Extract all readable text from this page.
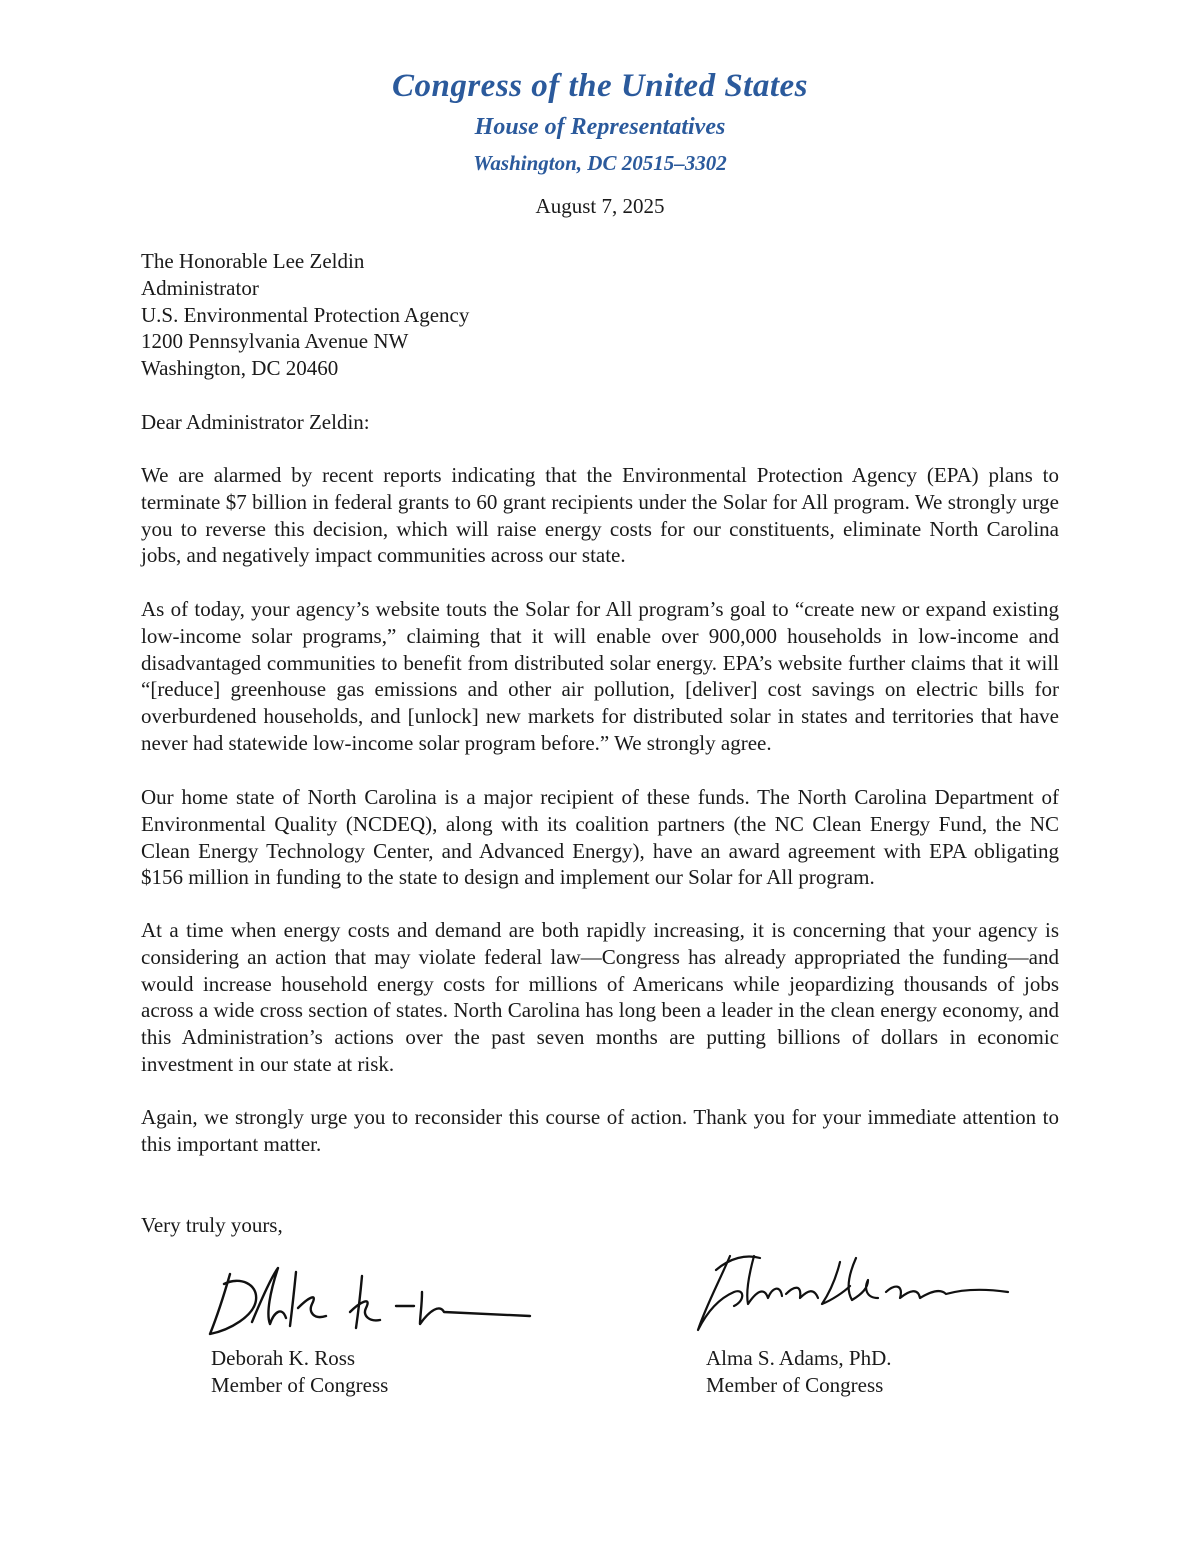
Congress of the United States
House of Representatives
Washington, DC 20515–3302
August 7, 2025
The Honorable Lee Zeldin
Administrator
U.S. Environmental Protection Agency
1200 Pennsylvania Avenue NW
Washington, DC 20460
Dear Administrator Zeldin:

We are alarmed by recent reports indicating that the Environmental Protection Agency (EPA) plans to terminate $7 billion in federal grants to 60 grant recipients under the Solar for All program. We strongly urge you to reverse this decision, which will raise energy costs for our constituents, eliminate North Carolina jobs, and negatively impact communities across our state.

As of today, your agency’s website touts the Solar for All program’s goal to “create new or expand existing low-income solar programs,” claiming that it will enable over 900,000 households in low-income and disadvantaged communities to benefit from distributed solar energy. EPA’s website further claims that it will “[reduce] greenhouse gas emissions and other air pollution, [deliver] cost savings on electric bills for overburdened households, and [unlock] new markets for distributed solar in states and territories that have never had statewide low-income solar program before.” We strongly agree.

Our home state of North Carolina is a major recipient of these funds. The North Carolina Department of Environmental Quality (NCDEQ), along with its coalition partners (the NC Clean Energy Fund, the NC Clean Energy Technology Center, and Advanced Energy), have an award agreement with EPA obligating $156 million in funding to the state to design and implement our Solar for All program.

At a time when energy costs and demand are both rapidly increasing, it is concerning that your agency is considering an action that may violate federal law—Congress has already appropriated the funding—and would increase household energy costs for millions of Americans while jeopardizing thousands of jobs across a wide cross section of states. North Carolina has long been a leader in the clean energy economy, and this Administration’s actions over the past seven months are putting billions of dollars in economic investment in our state at risk.

Again, we strongly urge you to reconsider this course of action. Thank you for your immediate attention to this important matter.

Very truly yours,
Deborah K. Ross
Member of Congress
Alma S. Adams, PhD.
Member of Congress
